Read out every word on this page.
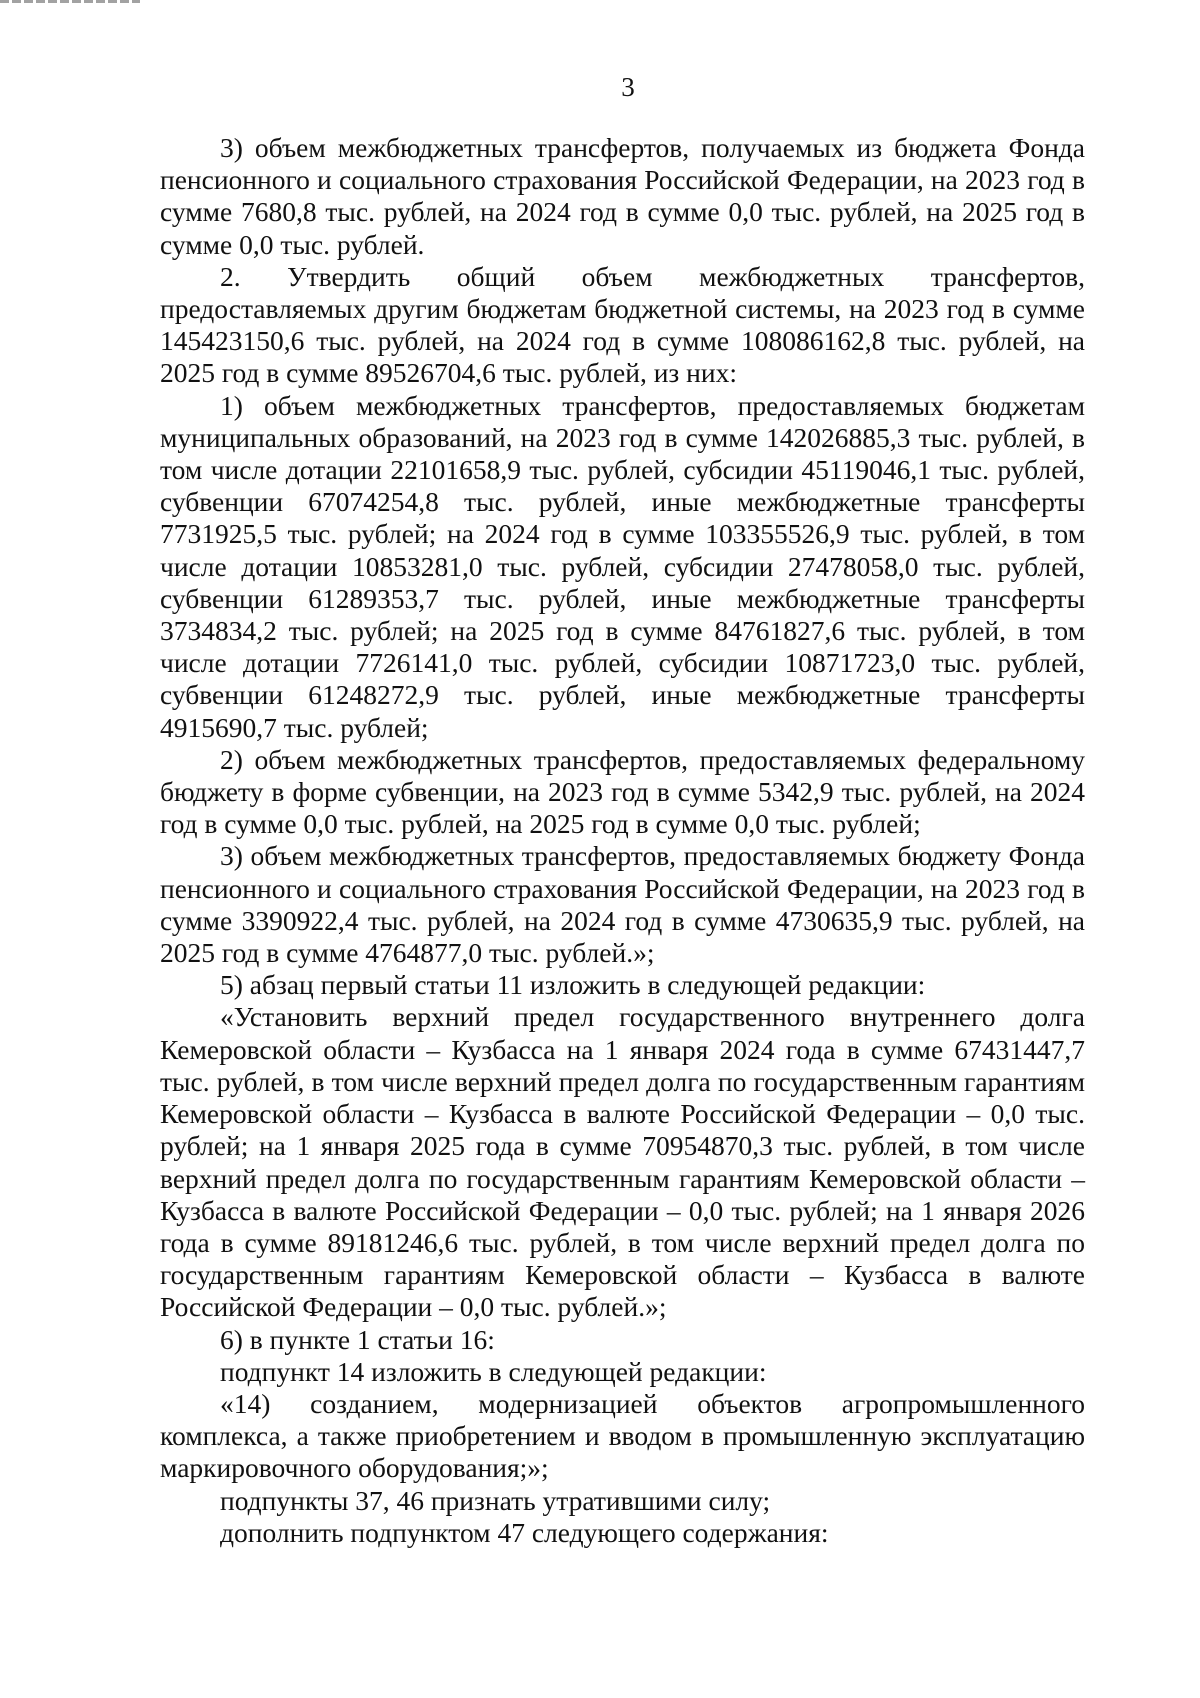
3

3) объем межбюджетных трансфертов, получаемых из бюджета Фонда пенсионного и социального страхования Российской Федерации, на 2023 год в сумме 7680,8 тыс. рублей, на 2024 год в сумме 0,0 тыс. рублей, на 2025 год в сумме 0,0 тыс. рублей.

2. Утвердить общий объем межбюджетных трансфертов, предоставляемых другим бюджетам бюджетной системы, на 2023 год в сумме 145423150,6 тыс. рублей, на 2024 год в сумме 108086162,8 тыс. рублей, на 2025 год в сумме 89526704,6 тыс. рублей, из них:

1) объем межбюджетных трансфертов, предоставляемых бюджетам муниципальных образований, на 2023 год в сумме 142026885,3 тыс. рублей, в том числе дотации 22101658,9 тыс. рублей, субсидии 45119046,1 тыс. рублей, субвенции 67074254,8 тыс. рублей, иные межбюджетные трансферты 7731925,5 тыс. рублей; на 2024 год в сумме 103355526,9 тыс. рублей, в том числе дотации 10853281,0 тыс. рублей, субсидии 27478058,0 тыс. рублей, субвенции 61289353,7 тыс. рублей, иные межбюджетные трансферты 3734834,2 тыс. рублей; на 2025 год в сумме 84761827,6 тыс. рублей, в том числе дотации 7726141,0 тыс. рублей, субсидии 10871723,0 тыс. рублей, субвенции 61248272,9 тыс. рублей, иные межбюджетные трансферты 4915690,7 тыс. рублей;

2) объем межбюджетных трансфертов, предоставляемых федеральному бюджету в форме субвенции, на 2023 год в сумме 5342,9 тыс. рублей, на 2024 год в сумме 0,0 тыс. рублей, на 2025 год в сумме 0,0 тыс. рублей;

3) объем межбюджетных трансфертов, предоставляемых бюджету Фонда пенсионного и социального страхования Российской Федерации, на 2023 год в сумме 3390922,4 тыс. рублей, на 2024 год в сумме 4730635,9 тыс. рублей, на 2025 год в сумме 4764877,0 тыс. рублей.»;

5) абзац первый статьи 11 изложить в следующей редакции:

«Установить верхний предел государственного внутреннего долга Кемеровской области – Кузбасса на 1 января 2024 года в сумме 67431447,7 тыс. рублей, в том числе верхний предел долга по государственным гарантиям Кемеровской области – Кузбасса в валюте Российской Федерации – 0,0 тыс. рублей; на 1 января 2025 года в сумме 70954870,3 тыс. рублей, в том числе верхний предел долга по государственным гарантиям Кемеровской области – Кузбасса в валюте Российской Федерации – 0,0 тыс. рублей; на 1 января 2026 года в сумме 89181246,6 тыс. рублей, в том числе верхний предел долга по государственным гарантиям Кемеровской области – Кузбасса в валюте Российской Федерации – 0,0 тыс. рублей.»;

6) в пункте 1 статьи 16:

подпункт 14 изложить в следующей редакции:

«14) созданием, модернизацией объектов агропромышленного комплекса, а также приобретением и вводом в промышленную эксплуатацию маркировочного оборудования;»;

подпункты 37, 46 признать утратившими силу;

дополнить подпунктом 47 следующего содержания:
